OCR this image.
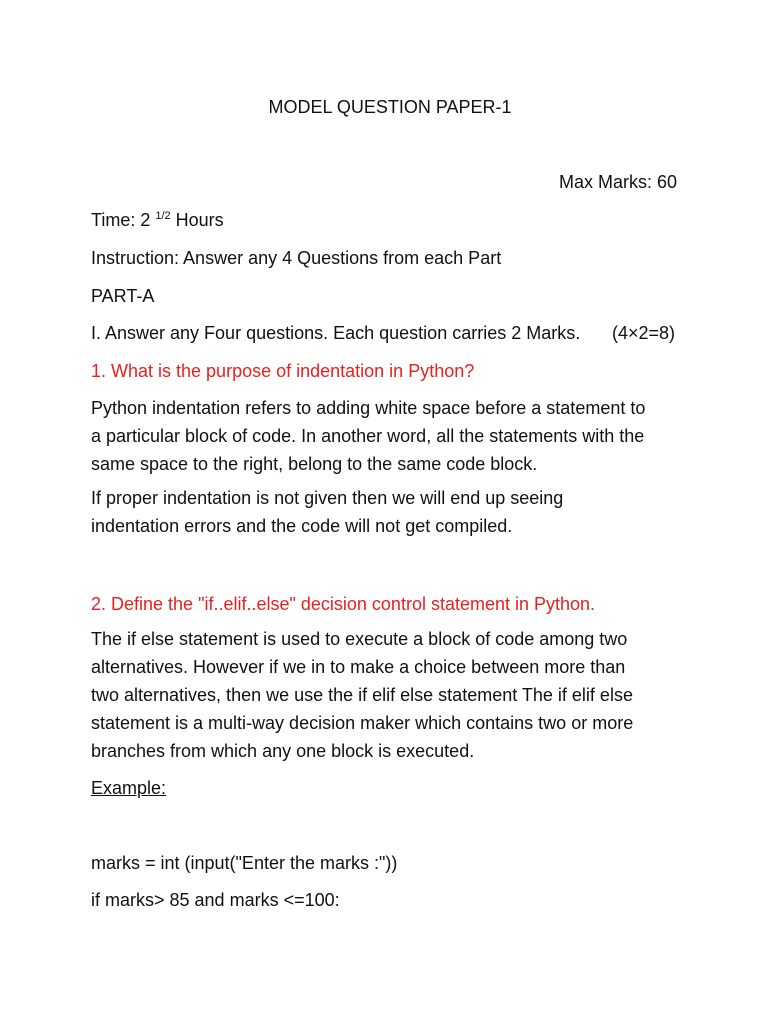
MODEL QUESTION PAPER-1
Max Marks: 60
Time: 2 $^{1/2}$ Hours
Instruction: Answer any 4 Questions from each Part
PART-A
I. Answer any Four questions. Each question carries 2 Marks. (4×2=8)
1. What is the purpose of indentation in Python?
Python indentation refers to adding white space before a statement to
a particular block of code. In another word, all the statements with the
same space to the right, belong to the same code block.
If proper indentation is not given then we will end up seeing
indentation errors and the code will not get compiled.
2. Define the "if..elif..else" decision control statement in Python.
The if else statement is used to execute a block of code among two
alternatives. However if we in to make a choice between more than
two alternatives, then we use the if elif else statement The if elif else
statement is a multi-way decision maker which contains two or more
branches from which any one block is executed.
Example:
marks = int (input("Enter the marks :"))
if marks> 85 and marks <=100:
